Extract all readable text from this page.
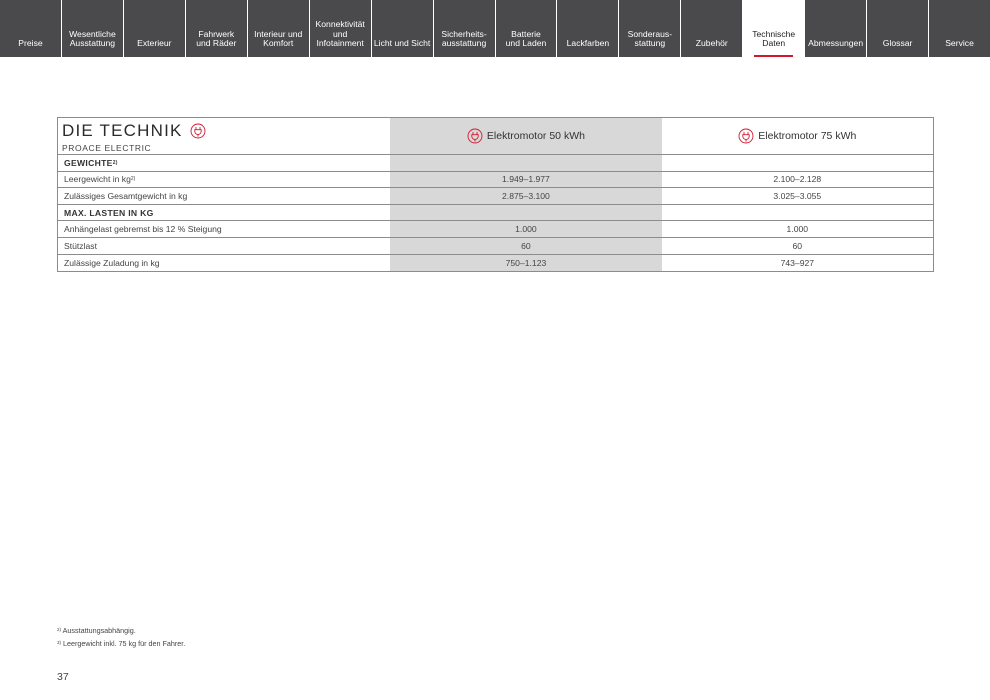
Preise
Wesentliche
Ausstattung	Exterieur
Fahrwerk
und Räder
Interieur und
Komfort
Konnektivität
und
Infotainment	Licht und Sicht
Sicherheits-
ausstattung
Batterie
und Laden	Lackfarben
Sonderaus-
stattung	Zubehör
Technische
Daten	Abmessungen	Glossar	Service
DIE TECHNIK
PROACE ELECTRIC
Elektromotor 50 kWh	Elektromotor 75 kWh
GEWICHTE 2)
Leergewicht in kg 2)	1.949–1.977	2.100–2.128
Zulässiges Gesamtgewicht in kg	2.875–3.100	3.025–3.055
MAX. LASTEN IN KG
Anhängelast gebremst bis 12 % Steigung	1.000	1.000
Stützlast	60	60
Zulässige Zuladung in kg	750–1.123	743–927
$^{2)}$ Ausstattungsabhängig.
$^{3)}$ Leergewicht inkl. 75 kg für den Fahrer.
37
